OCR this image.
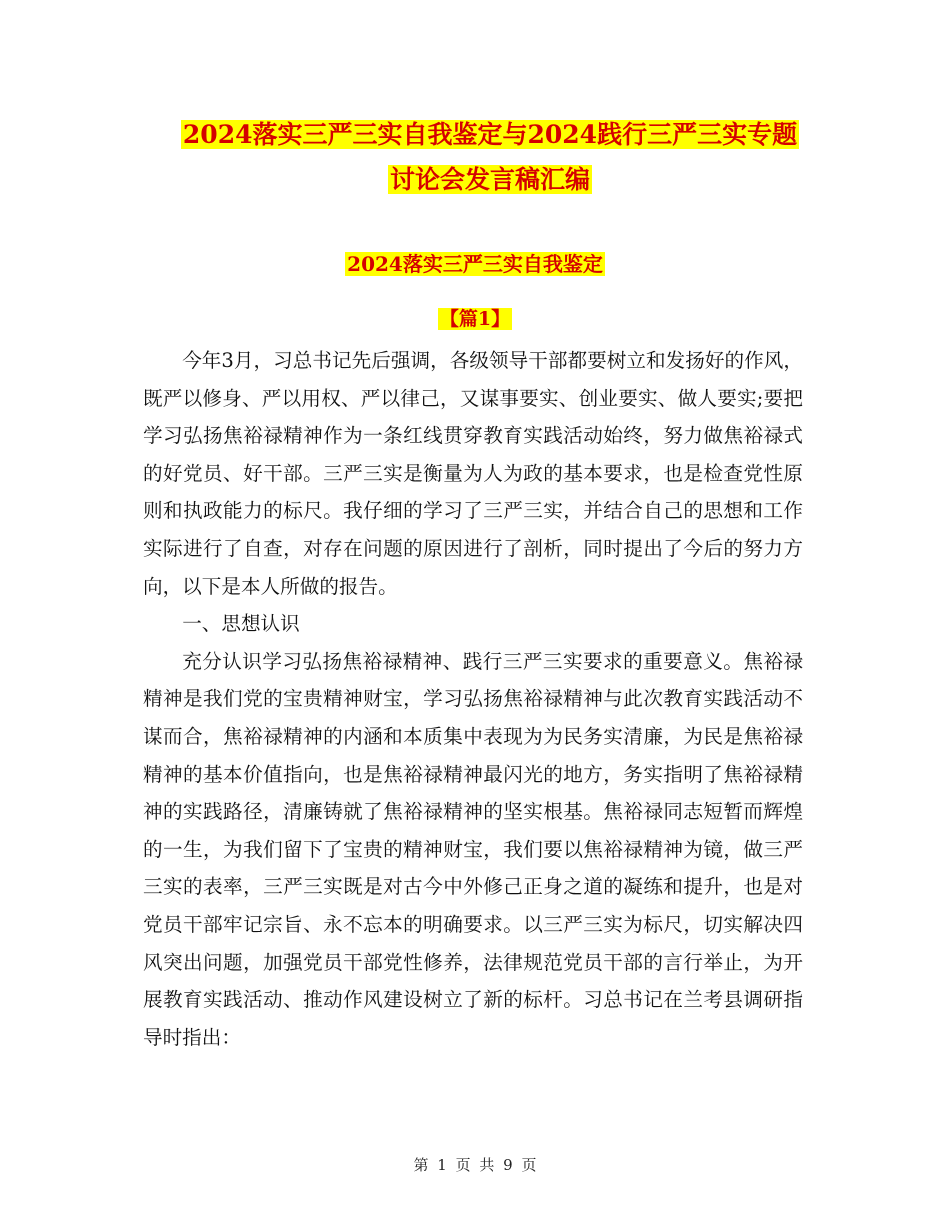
2024落实三严三实自我鉴定与2024践行三严三实专题
讨论会发言稿汇编
2024落实三严三实自我鉴定
【篇1】

今年3月，习总书记先后强调，各级领导干部都要树立和发扬好的作风，既严以修身、严以用权、严以律己，又谋事要实、创业要实、做人要实;要把学习弘扬焦裕禄精神作为一条红线贯穿教育实践活动始终，努力做焦裕禄式的好党员、好干部。三严三实是衡量为人为政的基本要求，也是检查党性原则和执政能力的标尺。我仔细的学习了三严三实，并结合自己的思想和工作实际进行了自查，对存在问题的原因进行了剖析，同时提出了今后的努力方向，以下是本人所做的报告。

一、思想认识

充分认识学习弘扬焦裕禄精神、践行三严三实要求的重要意义。焦裕禄精神是我们党的宝贵精神财宝，学习弘扬焦裕禄精神与此次教育实践活动不谋而合，焦裕禄精神的内涵和本质集中表现为为民务实清廉，为民是焦裕禄精神的基本价值指向，也是焦裕禄精神最闪光的地方，务实指明了焦裕禄精神的实践路径，清廉铸就了焦裕禄精神的坚实根基。焦裕禄同志短暂而辉煌的一生，为我们留下了宝贵的精神财宝，我们要以焦裕禄精神为镜，做三严三实的表率，三严三实既是对古今中外修己正身之道的凝练和提升，也是对党员干部牢记宗旨、永不忘本的明确要求。以三严三实为标尺，切实解决四风突出问题，加强党员干部党性修养，法律规范党员干部的言行举止，为开展教育实践活动、推动作风建设树立了新的标杆。习总书记在兰考县调研指导时指出：

第 1 页 共 9 页
